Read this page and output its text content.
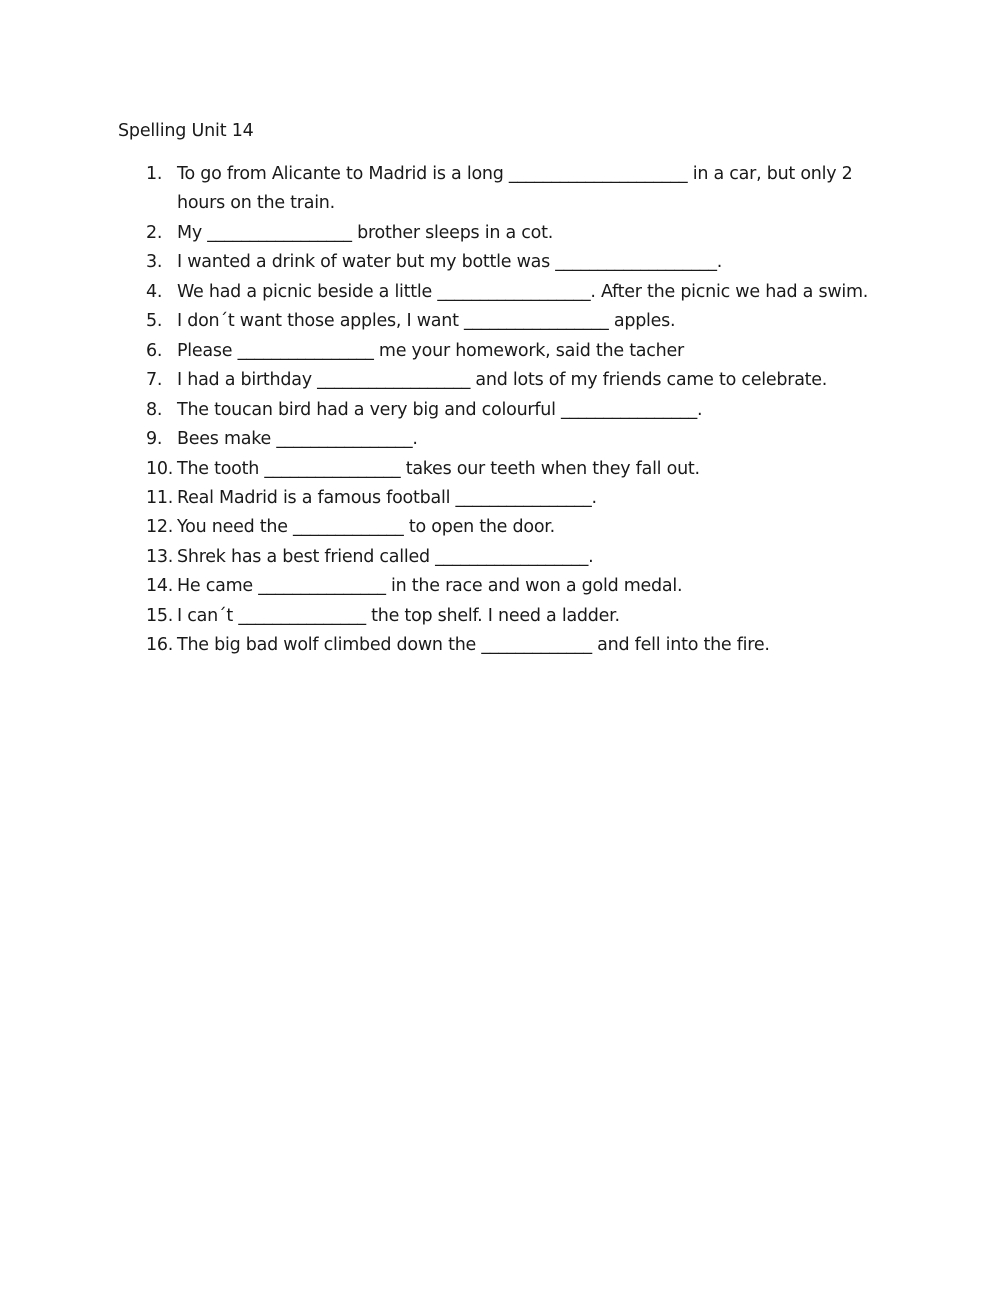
Spelling Unit 14
1. To go from Alicante to Madrid is a long _____________________ in a car, but only 2 hours on the train.
2. My _________________ brother sleeps in a cot.
3. I wanted a drink of water but my bottle was ___________________.
4. We had a picnic beside a little __________________. After the picnic we had a swim.
5. I don´t want those apples, I want _________________ apples.
6. Please ________________ me your homework, said the tacher
7. I had a birthday __________________ and lots of my friends came to celebrate.
8. The toucan bird had a very big and colourful ________________.
9. Bees make ________________.
10. The tooth ________________ takes our teeth when they fall out.
11. Real Madrid is a famous football ________________.
12. You need the _____________ to open the door.
13. Shrek has a best friend called __________________.
14. He came _______________ in the race and won a gold medal.
15. I can´t _______________ the top shelf. I need a ladder.
16. The big bad wolf climbed down the _____________ and fell into the fire.
